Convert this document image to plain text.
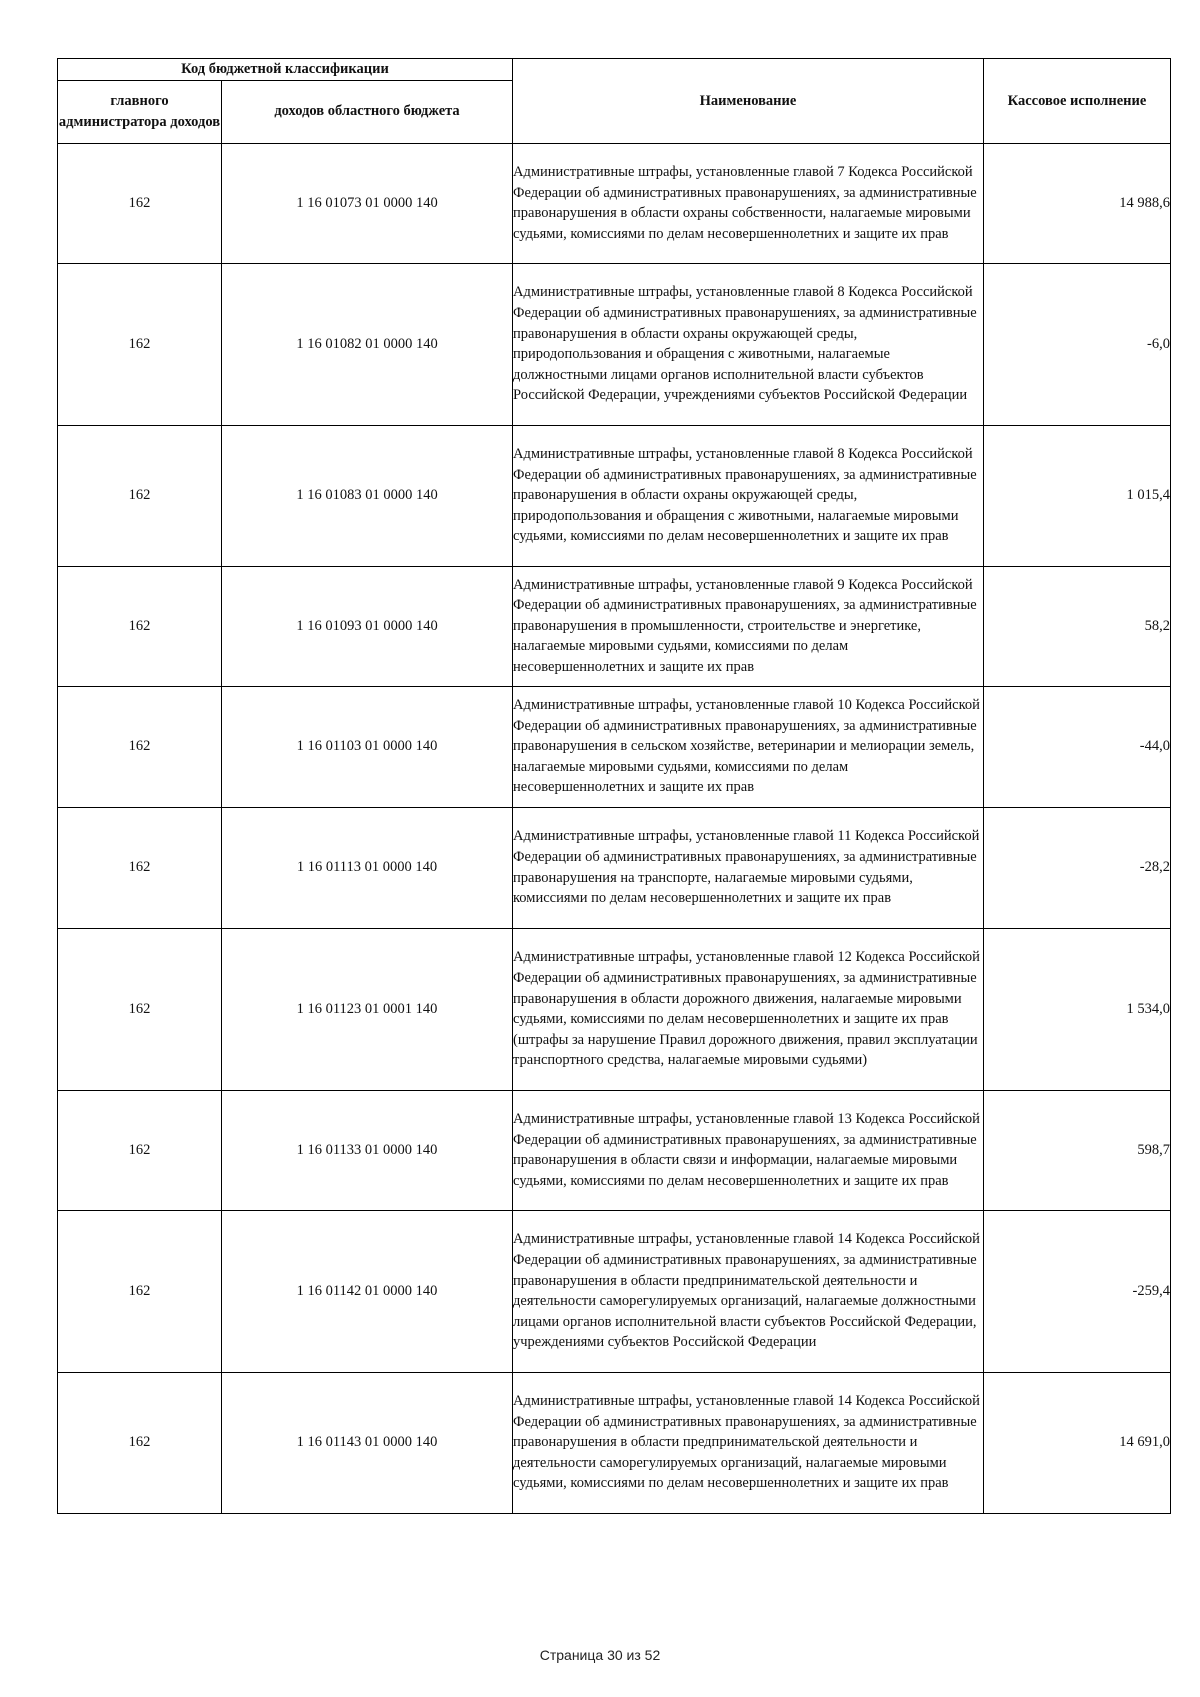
Код бюджетной классификации		Наименование	Кассовое исполнение
главного администратора доходов	доходов областного бюджета		
162	1 16 01073 01 0000 140	Административные штрафы, установленные главой 7 Кодекса Российской Федерации об административных правонарушениях, за административные правонарушения в области охраны собственности, налагаемые мировыми судьями, комиссиями по делам несовершеннолетних и защите их прав	14 988,6
162	1 16 01082 01 0000 140	Административные штрафы, установленные главой 8 Кодекса Российской Федерации об административных правонарушениях, за административные правонарушения в области охраны окружающей среды, природопользования и обращения с животными, налагаемые должностными лицами органов исполнительной власти субъектов Российской Федерации, учреждениями субъектов Российской Федерации	-6,0
162	1 16 01083 01 0000 140	Административные штрафы, установленные главой 8 Кодекса Российской Федерации об административных правонарушениях, за административные правонарушения в области охраны окружающей среды, природопользования и обращения с животными, налагаемые мировыми судьями, комиссиями по делам несовершеннолетних и защите их прав	1 015,4
162	1 16 01093 01 0000 140	Административные штрафы, установленные главой 9 Кодекса Российской Федерации об административных правонарушениях, за административные правонарушения в промышленности, строительстве и энергетике, налагаемые мировыми судьями, комиссиями по делам несовершеннолетних и защите их прав	58,2
162	1 16 01103 01 0000 140	Административные штрафы, установленные главой 10 Кодекса Российской Федерации об административных правонарушениях, за административные правонарушения в сельском хозяйстве, ветеринарии и мелиорации земель, налагаемые мировыми судьями, комиссиями по делам несовершеннолетних и защите их прав	-44,0
162	1 16 01113 01 0000 140	Административные штрафы, установленные главой 11 Кодекса Российской Федерации об административных правонарушениях, за административные правонарушения на транспорте, налагаемые мировыми судьями, комиссиями по делам несовершеннолетних и защите их прав	-28,2
162	1 16 01123 01 0001 140	Административные штрафы, установленные главой 12 Кодекса Российской Федерации об административных правонарушениях, за административные правонарушения в области дорожного движения, налагаемые мировыми судьями, комиссиями по делам несовершеннолетних и защите их прав (штрафы за нарушение Правил дорожного движения, правил эксплуатации транспортного средства, налагаемые мировыми судьями)	1 534,0
162	1 16 01133 01 0000 140	Административные штрафы, установленные главой 13 Кодекса Российской Федерации об административных правонарушениях, за административные правонарушения в области связи и информации, налагаемые мировыми судьями, комиссиями по делам несовершеннолетних и защите их прав	598,7
162	1 16 01142 01 0000 140	Административные штрафы, установленные главой 14 Кодекса Российской Федерации об административных правонарушениях, за административные правонарушения в области предпринимательской деятельности и деятельности саморегулируемых организаций, налагаемые должностными лицами органов исполнительной власти субъектов Российской Федерации, учреждениями субъектов Российской Федерации	-259,4
162	1 16 01143 01 0000 140	Административные штрафы, установленные главой 14 Кодекса Российской Федерации об административных правонарушениях, за административные правонарушения в области предпринимательской деятельности и деятельности саморегулируемых организаций, налагаемые мировыми судьями, комиссиями по делам несовершеннолетних и защите их прав	14 691,0
Страница 30 из 52
